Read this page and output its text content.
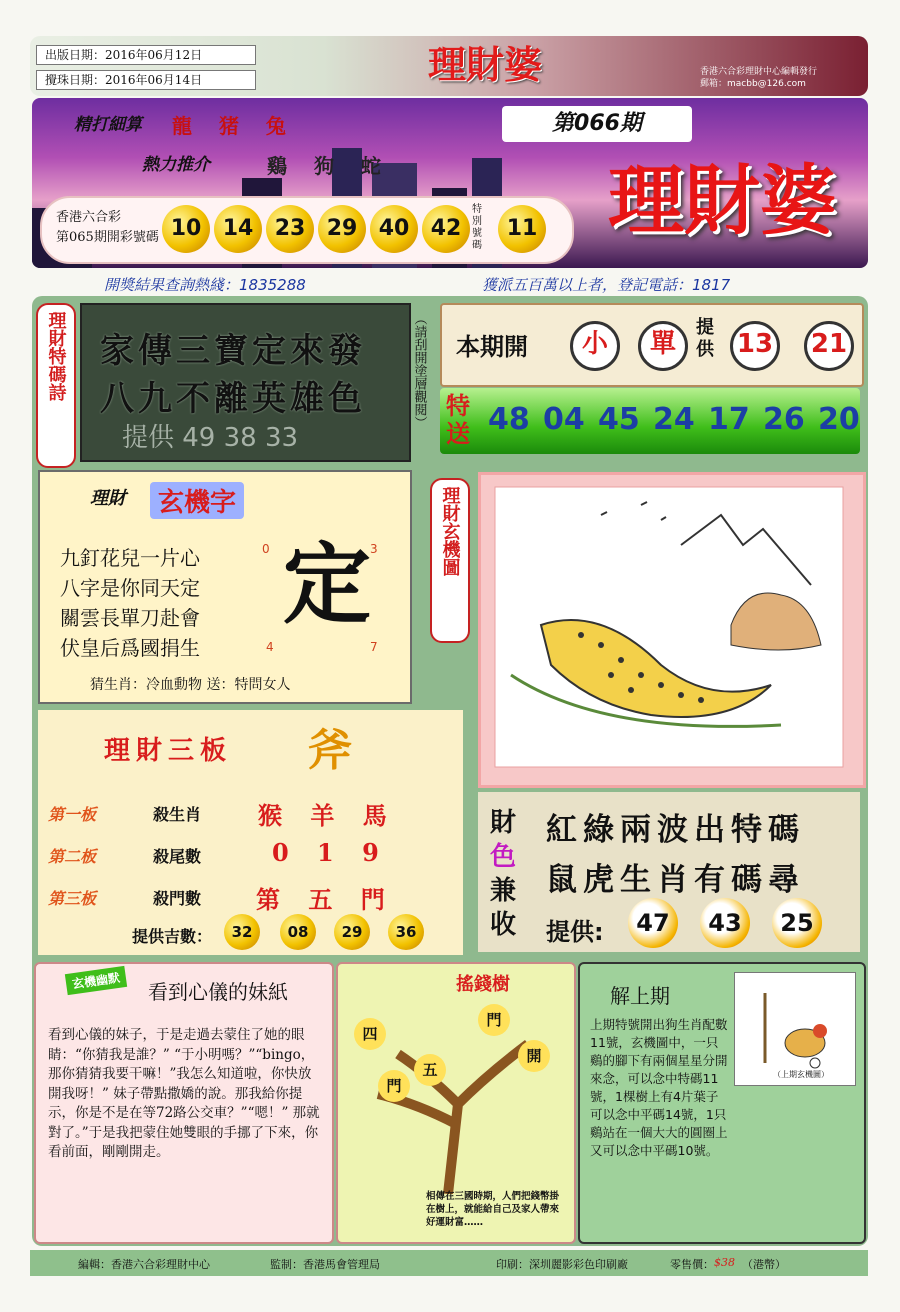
出版日期：2016年06月12日
攪珠日期：2016年06月14日	理財婆	香港六合彩理財中心編輯發行
郵箱：macbb@126.com
精打細算 龍 猪 兔
熱力推介	鷄 狗 蛇
第066期
理財婆
香港六合彩
第065期開彩號碼 10 14 23 29 40 42
特別號碼
11
開獎結果查詢熱綫：1835288	獲派五百萬以上者，登記電話：1817
理財特碼詩 家傳三寶定來發
八九不離英雄色
提供 49 38 33
（請刮開塗層觀閱） 本期開	小	單
提供 13 21
特送 48 04 45 24 17 26 20
理財	玄機字
九釘花兒一片心
八字是你同天定
關雲長單刀赴會
伏皇后爲國捐生
定
0	3
4	7
猜生肖：冷血動物 送：特問女人
理財玄機圖
理財三板 斧
第一板	殺生肖 猴 羊 馬
第二板	殺尾數	0 1 9
第三板	殺門數 第 五 門
提供吉數：	32	08	29	36
財
色
兼
收
紅綠兩波出特碼
鼠虎生肖有碼尋
提供:	47	43	25
玄機幽默	看到心儀的妹紙
看到心儀的妹子，于是走過去蒙住了她的眼睛：“你猜我是誰？” “于小明嗎？”“bingo，那你猜猜我要干嘛！”我怎么知道啦，你快放開我呀！” 妹子帶點撒嬌的說。那我給你提示，你是不是在等72路公交車？”“嗯！” 那就對了。”于是我把蒙住她雙眼的手挪了下來，你看前面，剛剛開走。
搖錢樹
四
門
五
門
開
相傳在三國時期，人們把錢幣掛在樹上，就能給自己及家人帶來好運財富……
解上期
（上期玄機圖）
上期特號開出狗生肖配數11號，玄機圖中，一只鷄的腳下有兩個星星分開來念，可以念中特碼11號，1棵樹上有4片葉子可以念中平碼14號，1只鷄站在一個大大的圓圈上又可以念中平碼10號。
編輯：香港六合彩理財中心	監制：香港馬會管理局	印刷：深圳麗影彩色印刷廠	零售價： $38 （港幣）
